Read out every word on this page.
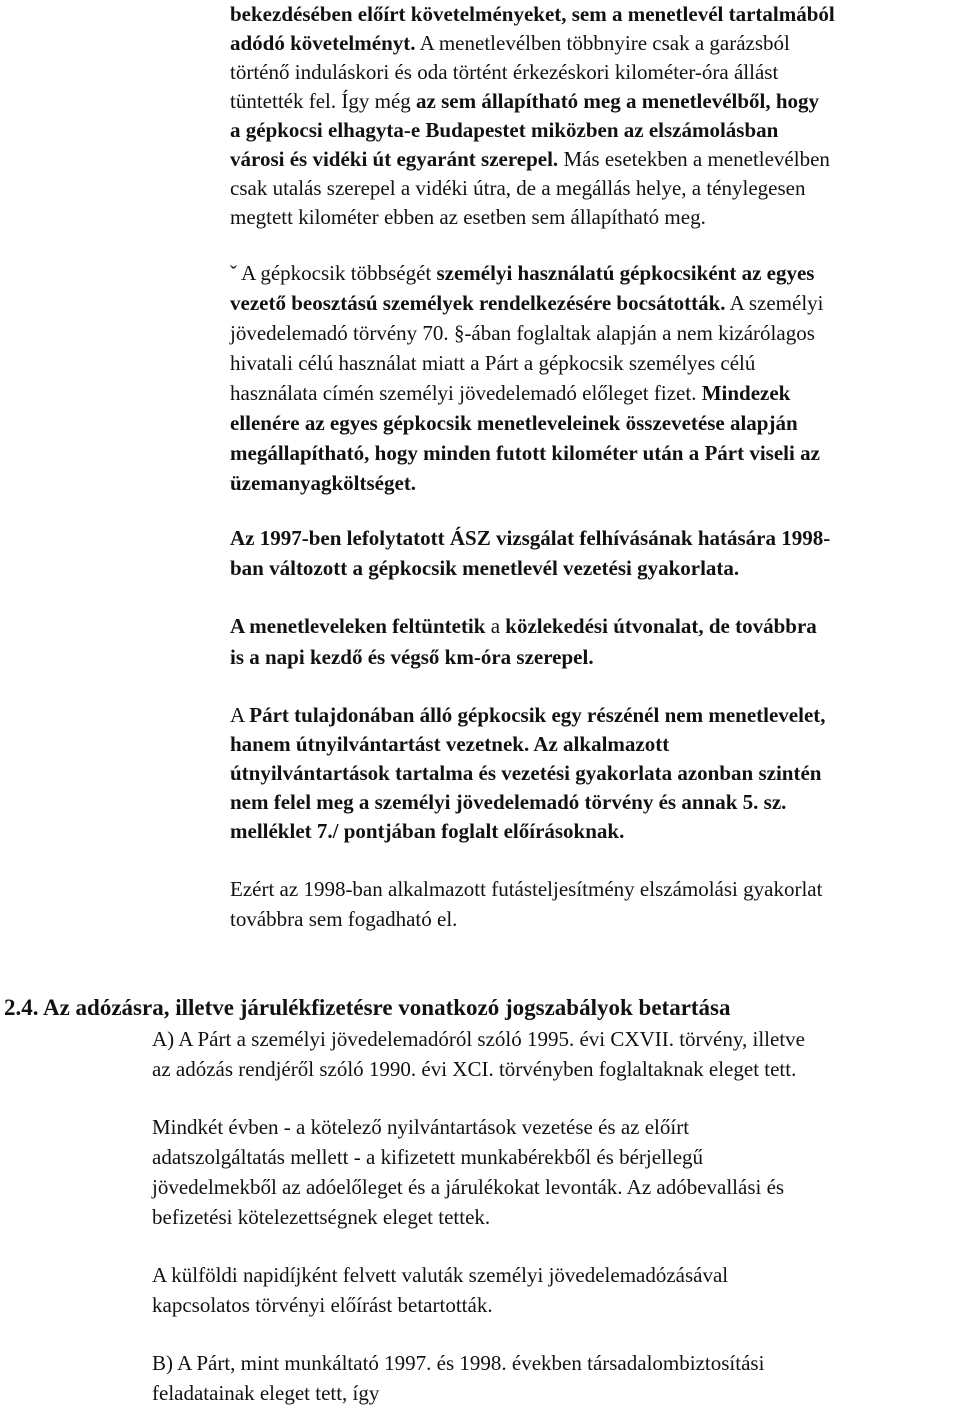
bekezdésében előírt követelményeket, sem a menetlevél tartalmából
adódó követelményt. A menetlevélben többnyire csak a garázsból
történő induláskori és oda történt érkezéskori kilométer-óra állást
tüntették fel. Így még az sem állapítható meg a menetlevélből, hogy
a gépkocsi elhagyta-e Budapestet miközben az elszámolásban
városi és vidéki út egyaránt szerepel. Más esetekben a menetlevélben
csak utalás szerepel a vidéki útra, de a megállás helye, a ténylegesen
megtett kilométer ebben az esetben sem állapítható meg.
ˇ A gépkocsik többségét személyi használatú gépkocsiként az egyes
vezető beosztású személyek rendelkezésére bocsátották. A személyi
jövedelemadó törvény 70. §-ában foglaltak alapján a nem kizárólagos
hivatali célú használat miatt a Párt a gépkocsik személyes célú
használata címén személyi jövedelemadó előleget fizet. Mindezek
ellenére az egyes gépkocsik menetleveleinek összevetése alapján
megállapítható, hogy minden futott kilométer után a Párt viseli az
üzemanyagköltséget.
Az 1997-ben lefolytatott ÁSZ vizsgálat felhívásának hatására 1998-
ban változott a gépkocsik menetlevél vezetési gyakorlata.
A menetleveleken feltüntetik a közlekedési útvonalat, de továbbra
is a napi kezdő és végső km-óra szerepel.
A Párt tulajdonában álló gépkocsik egy részénél nem menetlevelet,
hanem útnyilvántartást vezetnek. Az alkalmazott
útnyilvántartások tartalma és vezetési gyakorlata azonban szintén
nem felel meg a személyi jövedelemadó törvény és annak 5. sz.
melléklet 7./ pontjában foglalt előírásoknak.
Ezért az 1998-ban alkalmazott futásteljesítmény elszámolási gyakorlat
továbbra sem fogadható el.
2.4. Az adózásra, illetve járulékfizetésre vonatkozó jogszabályok betartása
A) A Párt a személyi jövedelemadóról szóló 1995. évi CXVII. törvény, illetve
az adózás rendjéről szóló 1990. évi XCI. törvényben foglaltaknak eleget tett.
Mindkét évben - a kötelező nyilvántartások vezetése és az előírt
adatszolgáltatás mellett - a kifizetett munkabérekből és bérjellegű
jövedelmekből az adóelőleget és a járulékokat levonták. Az adóbevallási és
befizetési kötelezettségnek eleget tettek.
A külföldi napidíjként felvett valuták személyi jövedelemadózásával
kapcsolatos törvényi előírást betartották.
B) A Párt, mint munkáltató 1997. és 1998. években társadalombiztosítási
feladatainak eleget tett, így
